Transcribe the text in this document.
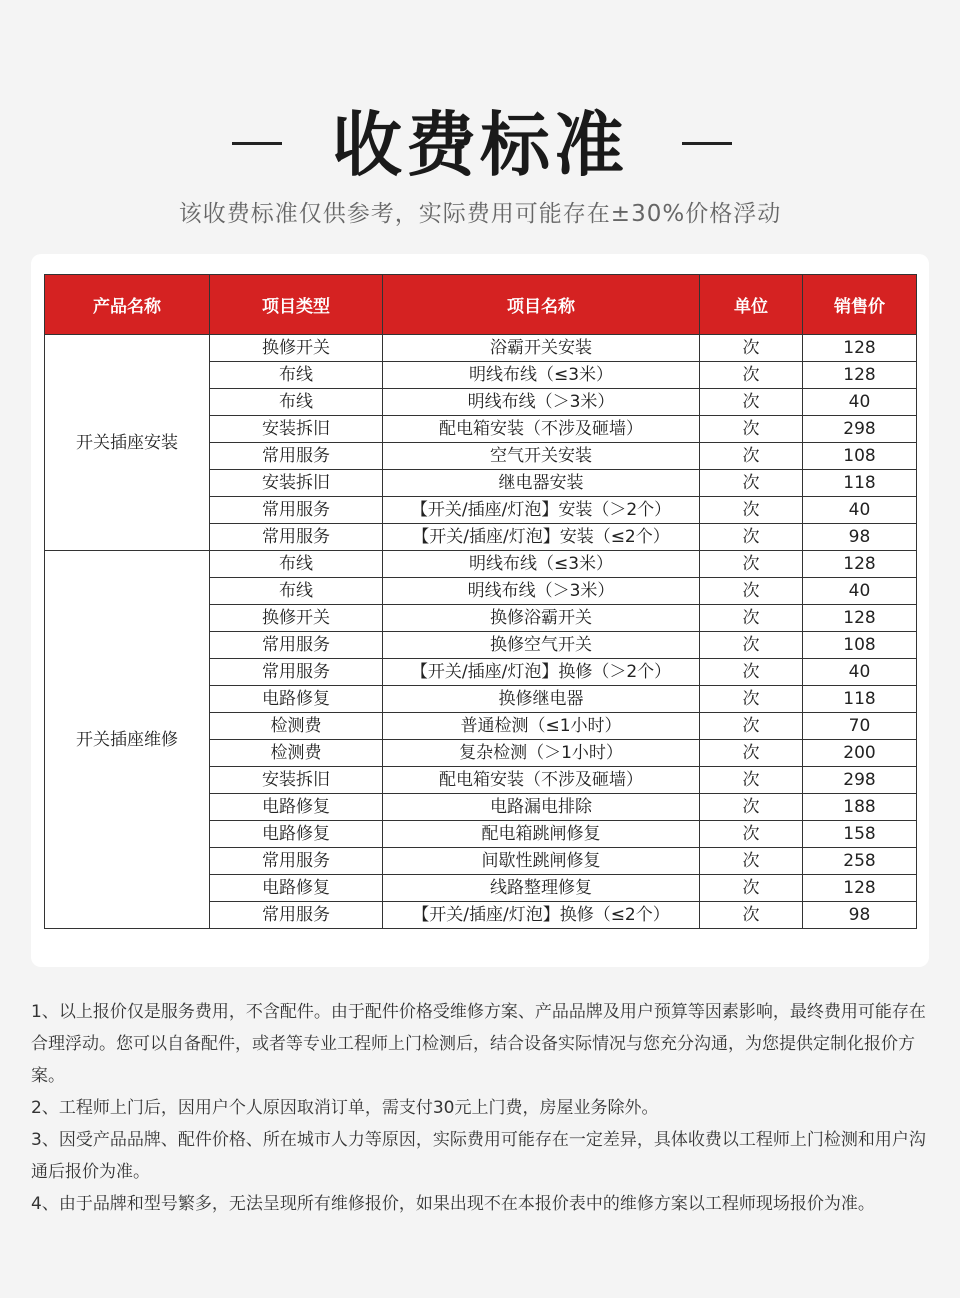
收费标准
该收费标准仅供参考，实际费用可能存在±30%价格浮动
产品名称	项目类型	项目名称	单位	销售价
开关插座安装	换修开关	浴霸开关安装	次	128
	布线	明线布线（≤3米）	次	128
	布线	明线布线（＞3米）	次	40
	安装拆旧	配电箱安装（不涉及砸墙）	次	298
	常用服务	空气开关安装	次	108
	安装拆旧	继电器安装	次	118
	常用服务	【开关/插座/灯泡】安装（＞2个）	次	40
	常用服务	【开关/插座/灯泡】安装（≤2个）	次	98
开关插座维修	布线	明线布线（≤3米）	次	128
	布线	明线布线（＞3米）	次	40
	换修开关	换修浴霸开关	次	128
	常用服务	换修空气开关	次	108
	常用服务	【开关/插座/灯泡】换修（＞2个）	次	40
	电路修复	换修继电器	次	118
	检测费	普通检测（≤1小时）	次	70
	检测费	复杂检测（＞1小时）	次	200
	安装拆旧	配电箱安装（不涉及砸墙）	次	298
	电路修复	电路漏电排除	次	188
	电路修复	配电箱跳闸修复	次	158
	常用服务	间歇性跳闸修复	次	258
	电路修复	线路整理修复	次	128
	常用服务	【开关/插座/灯泡】换修（≤2个）	次	98

1、以上报价仅是服务费用，不含配件。由于配件价格受维修方案、产品品牌及用户预算等因素影响，最终费用可能存在合理浮动。您可以自备配件，或者等专业工程师上门检测后，结合设备实际情况与您充分沟通，为您提供定制化报价方案。

2、工程师上门后，因用户个人原因取消订单，需支付30元上门费，房屋业务除外。

3、因受产品品牌、配件价格、所在城市人力等原因，实际费用可能存在一定差异，具体收费以工程师上门检测和用户沟通后报价为准。

4、由于品牌和型号繁多，无法呈现所有维修报价，如果出现不在本报价表中的维修方案以工程师现场报价为准。
